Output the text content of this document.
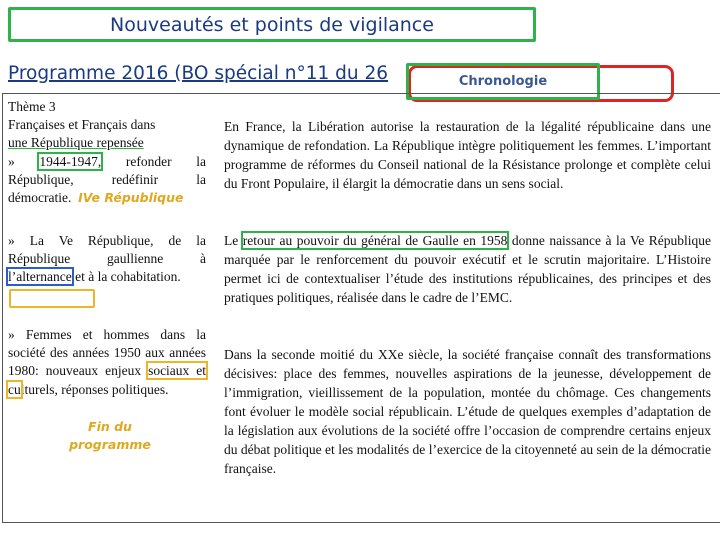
Nouveautés et points de vigilance
Programme 2016 (BO spécial n°11 du 26	Chronologie
Thème 3
Françaises et Français dans
une République repensée
» 1944-1947, refonder la République, redéfinir la démocratie. IVe République
» La Ve République, de la République gaullienne à l’alternance et à la cohabitation.
» Femmes et hommes dans la société des années 1950 aux années 1980: nouveaux enjeux sociaux et culturels, réponses politiques.
Fin du programme
En France, la Libération autorise la restauration de la légalité républicaine dans une dynamique de refondation. La République intègre politiquement les femmes. L’important programme de réformes du Conseil national de la Résistance prolonge et complète celui du Front Populaire, il élargit la démocratie dans un sens social.
Le retour au pouvoir du général de Gaulle en 1958 donne naissance à la Ve République marquée par le renforcement du pouvoir exécutif et le scrutin majoritaire. L’Histoire permet ici de contextualiser l’étude des institutions républicaines, des principes et des pratiques politiques, réalisée dans le cadre de l’EMC.
Dans la seconde moitié du XXe siècle, la société française connaît des transformations décisives: place des femmes, nouvelles aspirations de la jeunesse, développement de l’immigration, vieillissement de la population, montée du chômage. Ces changements font évoluer le modèle social républicain. L’étude de quelques exemples d’adaptation de la législation aux évolutions de la société offre l’occasion de comprendre certains enjeux du débat politique et les modalités de l’exercice de la citoyenneté au sein de la démocratie française.
